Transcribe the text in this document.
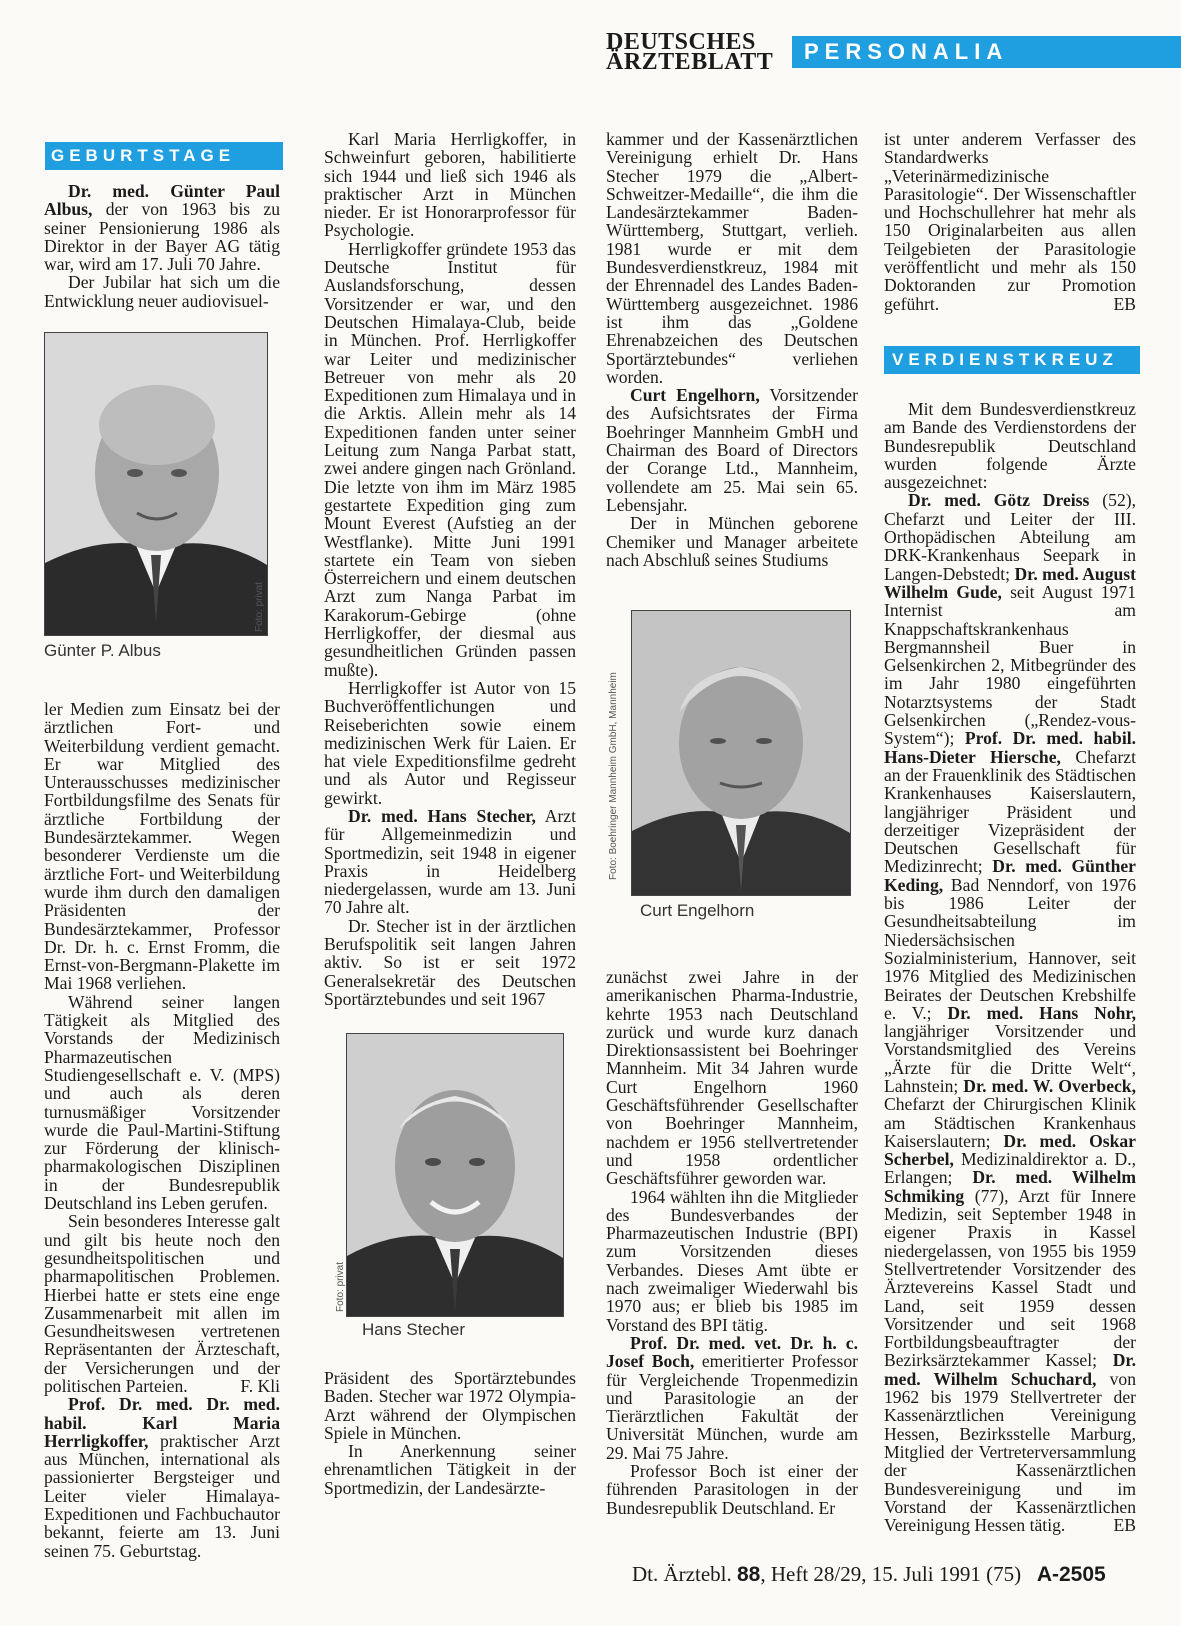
DEUTSCHES
ÄRZTEBLATT	PERSONALIA
GEBURTSTAGE

Dr. med. Günter Paul Albus, der von 1963 bis zu seiner Pensionierung 1986 als Direktor in der Bayer AG tätig war, wird am 17. Juli 70 Jahre.

Der Jubilar hat sich um die Entwicklung neuer audiovisuel-

Foto: privat
Günter P. Albus

ler Medien zum Einsatz bei der ärztlichen Fort- und Weiterbildung verdient gemacht. Er war Mitglied des Unterausschusses medizinischer Fortbildungsfilme des Senats für ärztliche Fortbildung der Bundesärztekammer. Wegen besonderer Verdienste um die ärztliche Fort- und Weiterbildung wurde ihm durch den damaligen Präsidenten der Bundesärztekammer, Professor Dr. Dr. h. c. Ernst Fromm, die Ernst-von-Bergmann-Plakette im Mai 1968 verliehen.

Während seiner langen Tätigkeit als Mitglied des Vorstands der Medizinisch Pharmazeutischen Studiengesellschaft e. V. (MPS) und auch als deren turnusmäßiger Vorsitzender wurde die Paul-Martini-Stiftung zur Förderung der klinisch-pharmakologischen Disziplinen in der Bundesrepublik Deutschland ins Leben gerufen.

Sein besonderes Interesse galt und gilt bis heute noch den gesundheitspolitischen und pharmapolitischen Problemen. Hierbei hatte er stets eine enge Zusammenarbeit mit allen im Gesundheitswesen vertretenen Repräsentanten der Ärzteschaft, der Versicherungen und der politischen Parteien.	F. Kli

Prof. Dr. med. Dr. med. habil. Karl Maria Herrligkoffer, praktischer Arzt aus München, international als passionierter Bergsteiger und Leiter vieler Himalaya-Expeditionen und Fachbuchautor bekannt, feierte am 13. Juni seinen 75. Geburtstag.

Karl Maria Herrligkoffer, in Schweinfurt geboren, habilitierte sich 1944 und ließ sich 1946 als praktischer Arzt in München nieder. Er ist Honorarprofessor für Psychologie.

Herrligkoffer gründete 1953 das Deutsche Institut für Auslandsforschung, dessen Vorsitzender er war, und den Deutschen Himalaya-Club, beide in München. Prof. Herrligkoffer war Leiter und medizinischer Betreuer von mehr als 20 Expeditionen zum Himalaya und in die Arktis. Allein mehr als 14 Expeditionen fanden unter seiner Leitung zum Nanga Parbat statt, zwei andere gingen nach Grönland. Die letzte von ihm im März 1985 gestartete Expedition ging zum Mount Everest (Aufstieg an der Westflanke). Mitte Juni 1991 startete ein Team von sieben Österreichern und einem deutschen Arzt zum Nanga Parbat im Karakorum-Gebirge (ohne Herrligkoffer, der diesmal aus gesundheitlichen Gründen passen mußte).

Herrligkoffer ist Autor von 15 Buchveröffentlichungen und Reiseberichten sowie einem medizinischen Werk für Laien. Er hat viele Expeditionsfilme gedreht und als Autor und Regisseur gewirkt.

Dr. med. Hans Stecher, Arzt für Allgemeinmedizin und Sportmedizin, seit 1948 in eigener Praxis in Heidelberg niedergelassen, wurde am 13. Juni 70 Jahre alt.

Dr. Stecher ist in der ärztlichen Berufspolitik seit langen Jahren aktiv. So ist er seit 1972 Generalsekretär des Deutschen Sportärztebundes und seit 1967

Foto: privat
Hans Stecher

Präsident des Sportärztebundes Baden. Stecher war 1972 Olympia-Arzt während der Olympischen Spiele in München.

In Anerkennung seiner ehrenamtlichen Tätigkeit in der Sportmedizin, der Landesärzte-

kammer und der Kassenärztlichen Vereinigung erhielt Dr. Hans Stecher 1979 die „Albert-Schweitzer-Medaille“, die ihm die Landesärztekammer Baden-Württemberg, Stuttgart, verlieh. 1981 wurde er mit dem Bundesverdienstkreuz, 1984 mit der Ehrennadel des Landes Baden-Württemberg ausgezeichnet. 1986 ist ihm das „Goldene Ehrenabzeichen des Deutschen Sportärztebundes“ verliehen worden.

Curt Engelhorn, Vorsitzender des Aufsichtsrates der Firma Boehringer Mannheim GmbH und Chairman des Board of Directors der Corange Ltd., Mannheim, vollendete am 25. Mai sein 65. Lebensjahr.

Der in München geborene Chemiker und Manager arbeitete nach Abschluß seines Studiums

Foto: Boehringer Mannheim GmbH, Mannheim
Curt Engelhorn

zunächst zwei Jahre in der amerikanischen Pharma-Industrie, kehrte 1953 nach Deutschland zurück und wurde kurz danach Direktionsassistent bei Boehringer Mannheim. Mit 34 Jahren wurde Curt Engelhorn 1960 Geschäftsführender Gesellschafter von Boehringer Mannheim, nachdem er 1956 stellvertretender und 1958 ordentlicher Geschäftsführer geworden war.

1964 wählten ihn die Mitglieder des Bundesverbandes der Pharmazeutischen Industrie (BPI) zum Vorsitzenden dieses Verbandes. Dieses Amt übte er nach zweimaliger Wiederwahl bis 1970 aus; er blieb bis 1985 im Vorstand des BPI tätig.

Prof. Dr. med. vet. Dr. h. c. Josef Boch, emeritierter Professor für Vergleichende Tropenmedizin und Parasitologie an der Tierärztlichen Fakultät der Universität München, wurde am 29. Mai 75 Jahre.

Professor Boch ist einer der führenden Parasitologen in der Bundesrepublik Deutschland. Er

ist unter anderem Verfasser des Standardwerks „Veterinärmedizinische Parasitologie“. Der Wissenschaftler und Hochschullehrer hat mehr als 150 Originalarbeiten aus allen Teilgebieten der Parasitologie veröffentlicht und mehr als 150 Doktoranden zur Promotion geführt.	EB

VERDIENSTKREUZ

Mit dem Bundesverdienstkreuz am Bande des Verdienstordens der Bundesrepublik Deutschland wurden folgende Ärzte ausgezeichnet:

Dr. med. Götz Dreiss (52), Chefarzt und Leiter der III. Orthopädischen Abteilung am DRK-Krankenhaus Seepark in Langen-Debstedt; Dr. med. August Wilhelm Gude, seit August 1971 Internist am Knappschaftskrankenhaus Bergmannsheil Buer in Gelsenkirchen 2, Mitbegründer des im Jahr 1980 eingeführten Notarztsystems der Stadt Gelsenkirchen („Rendez-vous-System“); Prof. Dr. med. habil. Hans-Dieter Hiersche, Chefarzt an der Frauenklinik des Städtischen Krankenhauses Kaiserslautern, langjähriger Präsident und derzeitiger Vizepräsident der Deutschen Gesellschaft für Medizinrecht; Dr. med. Günther Keding, Bad Nenndorf, von 1976 bis 1986 Leiter der Gesundheitsabteilung im Niedersächsischen Sozialministerium, Hannover, seit 1976 Mitglied des Medizinischen Beirates der Deutschen Krebshilfe e. V.; Dr. med. Hans Nohr, langjähriger Vorsitzender und Vorstandsmitglied des Vereins „Ärzte für die Dritte Welt“, Lahnstein; Dr. med. W. Overbeck, Chefarzt der Chirurgischen Klinik am Städtischen Krankenhaus Kaiserslautern; Dr. med. Oskar Scherbel, Medizinaldirektor a. D., Erlangen; Dr. med. Wilhelm Schmiking (77), Arzt für Innere Medizin, seit September 1948 in eigener Praxis in Kassel niedergelassen, von 1955 bis 1959 Stellvertretender Vorsitzender des Ärztevereins Kassel Stadt und Land, seit 1959 dessen Vorsitzender und seit 1968 Fortbildungsbeauftragter der Bezirksärztekammer Kassel; Dr. med. Wilhelm Schuchard, von 1962 bis 1979 Stellvertreter der Kassenärztlichen Vereinigung Hessen, Bezirksstelle Marburg, Mitglied der Vertreterversammlung der Kassenärztlichen Bundesvereinigung und im Vorstand der Kassenärztlichen Vereinigung Hessen tätig.	EB

Dt. Ärztebl. 88, Heft 28/29, 15. Juli 1991 (75) A-2505
